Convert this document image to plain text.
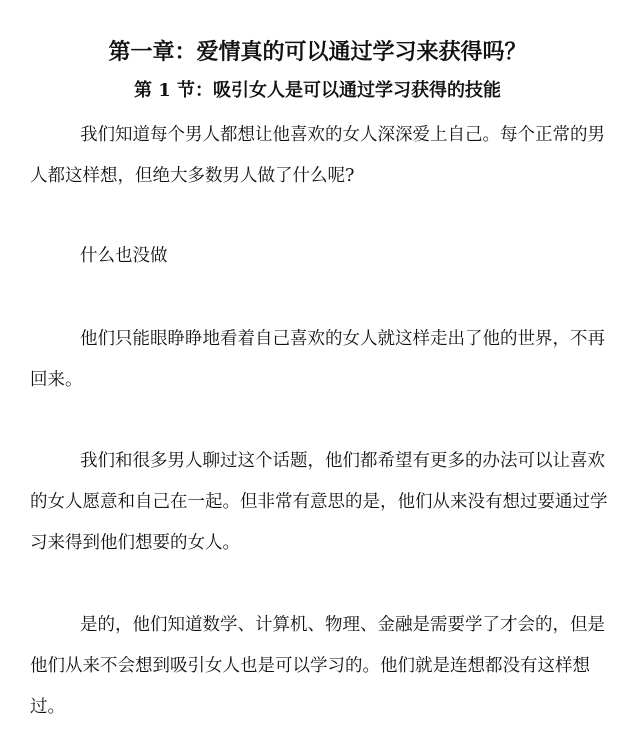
第一章：爱情真的可以通过学习来获得吗？
第 1 节：吸引女人是可以通过学习获得的技能

我们知道每个男人都想让他喜欢的女人深深爱上自己。每个正常的男人都这样想，但绝大多数男人做了什么呢?

什么也没做

他们只能眼睁睁地看着自己喜欢的女人就这样走出了他的世界，不再回来。

我们和很多男人聊过这个话题，他们都希望有更多的办法可以让喜欢的女人愿意和自己在一起。但非常有意思的是，他们从来没有想过要通过学习来得到他们想要的女人。

是的，他们知道数学、计算机、物理、金融是需要学了才会的，但是他们从来不会想到吸引女人也是可以学习的。他们就是连想都没有这样想过。
